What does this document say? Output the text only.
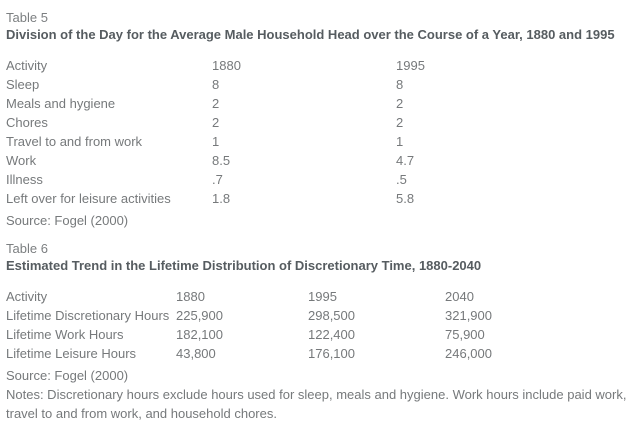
Table 5

Division of the Day for the Average Male Household Head over the Course of a Year, 1880 and 1995

Activity	1880	1995
Sleep	8	8
Meals and hygiene	2	2
Chores	2	2
Travel to and from work	1	1
Work	8.5	4.7
Illness	.7	.5
Left over for leisure activities	1.8	5.8

Source: Fogel (2000)

Table 6

Estimated Trend in the Lifetime Distribution of Discretionary Time, 1880-2040

Activity	1880	1995	2040
Lifetime Discretionary Hours	225,900	298,500	321,900
Lifetime Work Hours	182,100	122,400	75,900
Lifetime Leisure Hours	43,800	176,100	246,000

Source: Fogel (2000)

Notes: Discretionary hours exclude hours used for sleep, meals and hygiene. Work hours include paid work, travel to and from work, and household chores.
